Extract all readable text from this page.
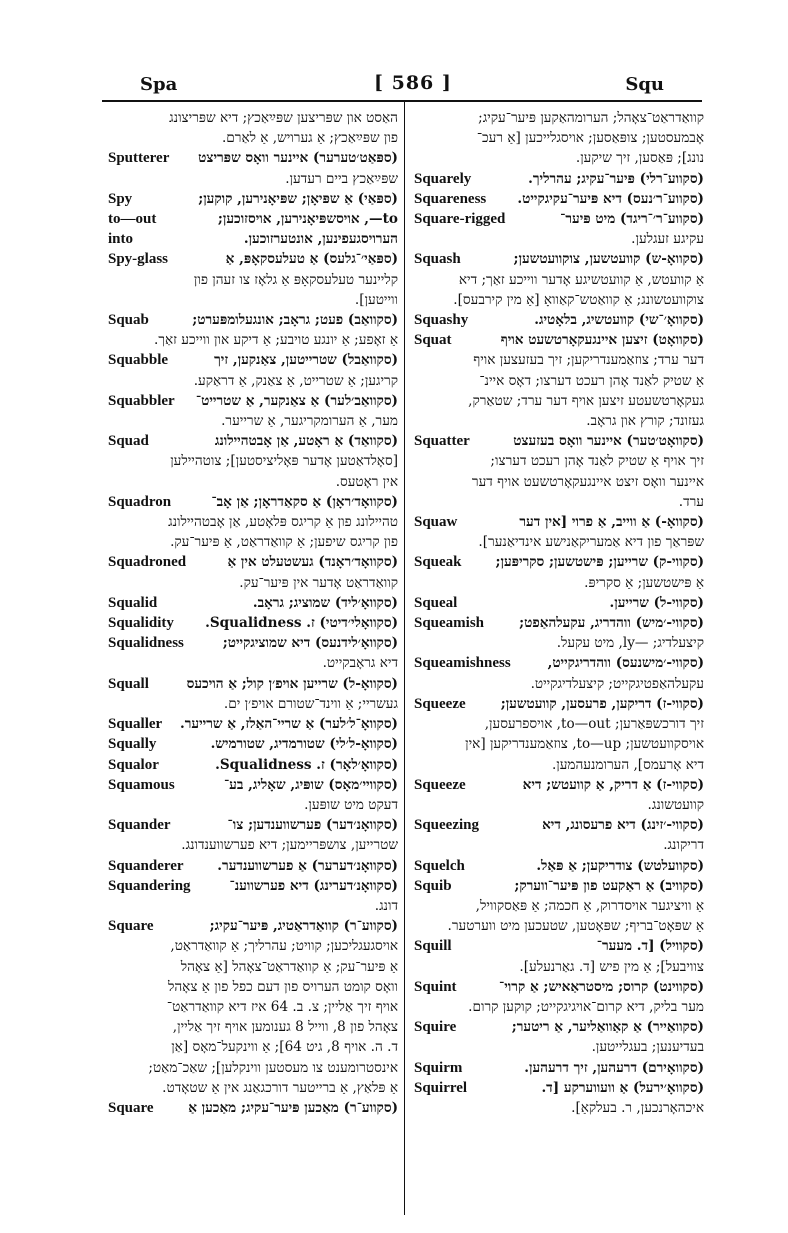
Spa	[ 586 ]	Squ
האַסט און שפּריצען שפּײַאַכץ; דיא שפּריצונג
פון שפּײַאַכץ; אַ גערויש, אַ לאַרם.
Sputterer (ספּאַט׳טערער) איינער וואָס שפּריצט
שפּײַאַכץ ביים רעדען.
Spy	(ספּאַי) אַ שפּיאָן; שפּיאָנירען, קוקען;
to—out	to—, אויסשפּיאָנירען, אויסזוכען;
into	הערויסגעפינען, אונטערזוכען.
Spy-glass	(ספּאַי׳־גלעס) אַ טעלעסקאָפּ, אַ
קליינער טעלעסקאָפּ אַ גלאָז צו זעהן פון
ווייטען].
Squab	(סקוואַב) פעט; גראָב; אונגעלומפּערט;
אַ זאָפע; אַ יונגע טויבע; אַ דיקע און ווייכע זאַך.
Squabble	(סקוואַבל) שטרייטען, צאַנקען, זיך
קריגען; אַ שטרייט, אַ צאַנק, אַ דראַקע.
Squabbler (סקוואַב׳לער) אַ צאַנקער, אַ שטרייט־
מער, אַ הערומקריגער, אַ שרייער.
Squad	(סקוואַד) אַ ראָטע, אַן אָבטהיילונג
[סאָלדאַטען אָדער פּאָליציסטען]; צוטהיילען
אין ראָטעס.
Squadron	(סקוואָד׳ראָן) אַ סקאַדראָן; אַן אָב־
טהיילונג פון אַ קריגס פּלאָטע, אַן אָבטהיילונג
פון קריגס שיפען; אַ קוואַדראַט, אַ פּיער־עק.
Squadroned	(סקוואָד׳ראָנד) געשטעלט אין אַ
קוואַדראַט אָדער אין פּיער־עק.
Squalid	(סקוואָ׳ליד) שמוציג; גראָב.
Squalidity (סקוואָלי׳דיטי) ז. Squalidness.
Squalidness	(סקוואָ׳לידנעס) דיא שמוציגקייט;
דיא גראָבקייט.
Squall	(סקוואָ-ל) שרייען אויפ׳ן קול; אַ הויכעס
געשריי; אַ ווינד־שטורם אויפ׳ן ים.
Squaller (סקוואָ־ל׳לער) אַ שריי־האַלז, אַ שרייער.
Squally	(סקוואָ-ל׳לי) שטורמדיג, שטורמיש.
Squalor	(סקוואָ׳לאָר) ז. Squalidness.
Squamous	(סקוויי׳מאָס) שופּיג, שאָליג, בע־
דעקט מיט שופּען.
Squander	(סקוואָנ׳דער) פערשווענדען; צו־
שטרייען, צושפּריימען; דיא פערשווענדונג.
Squanderer (סקוואָנ׳דערער) אַ פערשווענדער.
Squandering	(סקוואָנ׳דערינג) דיא פערשווענ־
דונג.
Square	(סקווע־ר) קוואַדראַטיג, פּיער־עקיג;
אויסגעגליכען; קוויט; עהרליך; אַ קוואַדראַט,
אַ פּיער־עק; אַ קוואַדראַט־צאָהל [אַ צאָהל
וואָס קומט הערויס פון דעם כפל פון אַ צאָהל
אויף זיך אַליין; צ. ב. 64 איז דיא קוואַדראַט־
צאָהל פון 8, ווייל 8 גענומען אויף זיך אַליין,
ד. ה. אויף 8, גיט 64]; אַ ווינקעל־מאָס [אַן
אינסטרומענט צו מעסטען ווינקלען]; שאַכ־מאַט;
אַ פּלאַץ, אַ ברייטער דורכגאַנג אין אַ שטאָדט.
Square	(סקווע־ר) מאַכען פּיער־עקיג; מאַכען אַ
קוואַדראַט־צאָהל; הערומהאַקען פּיער־עקיג;
אָבמעסטען; צופּאַסען; אויסגלייכען [אַ רעכ־
נונג]; פּאַסען, זיך שיקען.
Squarely	(סקווע־רלי) פּיער־עקיג; עהרליך.
Squareness (סקווע־ר׳נעס) דיא פּיער־עקיגקייט.
Square-rigged	(סקווע־ר׳־ריגד) מיט פּיער־
עקיגע זעגלען.
Squash	(סקוואָ-ש) קוועטשען, צוקוועטשען;
אַ קוועטש, אַ קוועטשיגע אָדער ווייכע זאַך; דיא
צוקוועטשונג; אַ קוואַטש־קאַוואָ [אַ מין קירבעס].
Squashy	(סקוואָ׳־שי) קוועטשיג, בלאָטיג.
Squat	(סקוואָט) זיצען איינגעקאָרטשעט אויף
דער ערד; צוזאַמענדריקען; זיך בעזעצען אויף
אַ שטיק לאַנד אָהן רעכט דערצו; דאָס איינ־
געקאָרטשעטע זיצען אויף דער ערד; שטאַרק,
געזונד; קורץ און גראָב.
Squatter	(סקוואָט׳טער) איינער וואָס בעזעצט
זיך אויף אַ שטיק לאַנד אָהן רעכט דערצו;
איינער וואָס זיצט איינגעקאָרטשעט אויף דער
ערד.
Squaw	(סקוואָ-) אַ ווייב, אַ פרוי [אין דער
שפּראַך פון דיא אַמעריקאַנישע אינדיאַנער].
Squeak (סקווי-ק) שרייען; פּישטשען; סקריפּען;
אַ פּישטשען; אַ סקריפּ.
Squeal	(סקווי-ל) שרייען.
Squeamish	(סקווי-׳מיש) ווהדריג, עקעלהאַפט;
קיצעלדיג; —ly, מיט עקעל.
Squeamishness	(סקווי-׳מישנעס) ווהדריגקייט,
עקעלהאַפטיגקייט; קיצעלדיגקייט.
Squeeze	(סקווי-ז) דריקען, פרעסען, קוועטשען;
זיך דורכשפּאַרען; to—out, אויספרעסען,
אויסקוועטשען; to—up, צוזאַמענדריקען [אין
דיא אָרעמס], הערומנעהמען.
Squeeze	(סקווי-ז) אַ דריק, אַ קוועטש; דיא
קוועטשונג.
Squeezing	(סקווי-׳זינג) דיא פרעסונג, דיא
דריקונג.
Squelch	(סקוועלטש) צודריקען; אַ פּאַל.
Squib	(סקוויב) אַ ראַקעט פון פּיער־ווערק;
אַ וויציגער אויסדרוק, אַ חכמה; אַ פּאַסקוויל,
אַ שפּאָט־בריף; שפּאָטען, שטעכען מיט ווערטער.
Squill	(סקוויל) [ד. מעער־
צוויבעל]; אַ מין פיש [ד. גאַרנעלע].
Squint	(סקווינט) קרוס; מיסטראַאיש; אַ קרוי־
מער בליק, דיא קרום־אויגיגקייט; קוקען קרום.
Squire	(סקוואַייר) אַ קאַוואַליער, אַ ריטער;
בעדיענען; בעגלייטען.
Squirm	(סקוואָירם) דרעהען, זיך דרעהען.
Squirrel	(סקוואָ׳ירעל) אַ וועווערקע [ד.
איכהאָרנכען, ר. בעלקאַ].
